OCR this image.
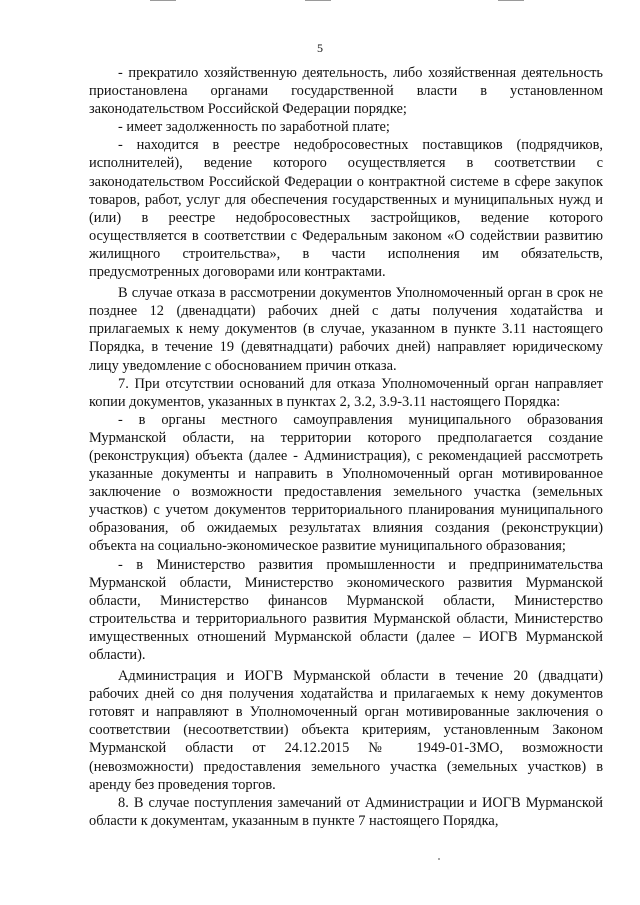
5

- прекратило хозяйственную деятельность, либо хозяйственная деятельность приостановлена органами государственной власти в установленном законодательством Российской Федерации порядке;

- имеет задолженность по заработной плате;

- находится в реестре недобросовестных поставщиков (подрядчиков, исполнителей), ведение которого осуществляется в соответствии с законодательством Российской Федерации о контрактной системе в сфере закупок товаров, работ, услуг для обеспечения государственных и муниципальных нужд и (или) в реестре недобросовестных застройщиков, ведение которого осуществляется в соответствии с Федеральным законом «О содействии развитию жилищного строительства», в части исполнения им обязательств, предусмотренных договорами или контрактами.

В случае отказа в рассмотрении документов Уполномоченный орган в срок не позднее 12 (двенадцати) рабочих дней с даты получения ходатайства и прилагаемых к нему документов (в случае, указанном в пункте 3.11 настоящего Порядка, в течение 19 (девятнадцати) рабочих дней) направляет юридическому лицу уведомление с обоснованием причин отказа.

7. При отсутствии оснований для отказа Уполномоченный орган направляет копии документов, указанных в пунктах 2, 3.2, 3.9-3.11 настоящего Порядка:

- в органы местного самоуправления муниципального образования Мурманской области, на территории которого предполагается создание (реконструкция) объекта (далее - Администрация), с рекомендацией рассмотреть указанные документы и направить в Уполномоченный орган мотивированное заключение о возможности предоставления земельного участка (земельных участков) с учетом документов территориального планирования муниципального образования, об ожидаемых результатах влияния создания (реконструкции) объекта на социально-экономическое развитие муниципального образования;

- в Министерство развития промышленности и предпринимательства Мурманской области, Министерство экономического развития Мурманской области, Министерство финансов Мурманской области, Министерство строительства и территориального развития Мурманской области, Министерство имущественных отношений Мурманской области (далее – ИОГВ Мурманской области).

Администрация и ИОГВ Мурманской области в течение 20 (двадцати) рабочих дней со дня получения ходатайства и прилагаемых к нему документов готовят и направляют в Уполномоченный орган мотивированные заключения о соответствии (несоответствии) объекта критериям, установленным Законом Мурманской области от 24.12.2015 № 1949-01-ЗМО, возможности (невозможности) предоставления земельного участка (земельных участков) в аренду без проведения торгов.

8. В случае поступления замечаний от Администрации и ИОГВ Мурманской области к документам, указанным в пункте 7 настоящего Порядка,
